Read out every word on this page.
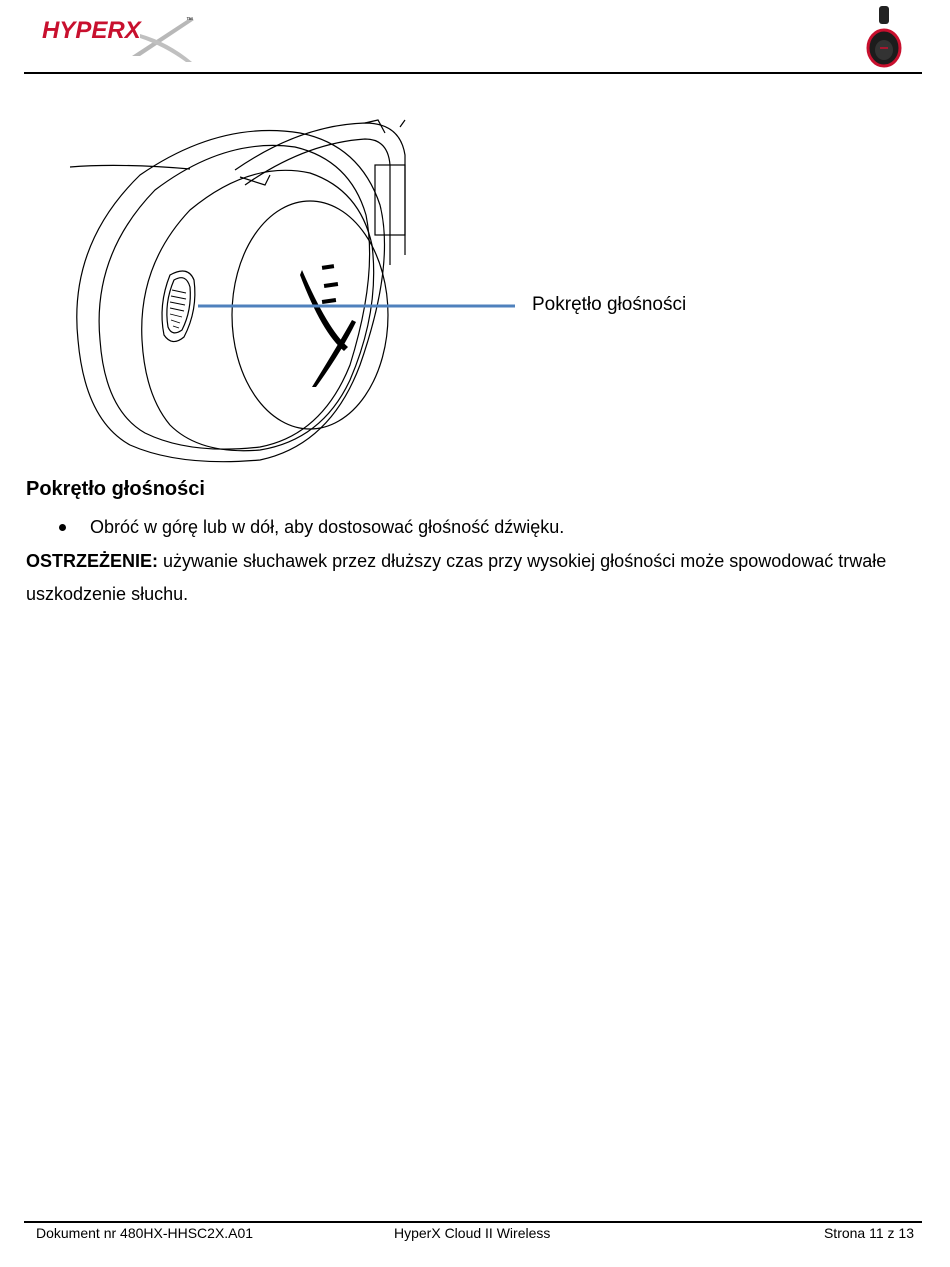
HYPERX	™
Pokrętło głośności
Pokrętło głośności
Obróć w górę lub w dół, aby dostosować głośność dźwięku.

OSTRZEŻENIE: używanie słuchawek przez dłuższy czas przy wysokiej głośności może spowodować trwałe uszkodzenie słuchu.

Dokument nr 480HX-HHSC2X.A01	HyperX Cloud II Wireless	Strona 11 z 13
